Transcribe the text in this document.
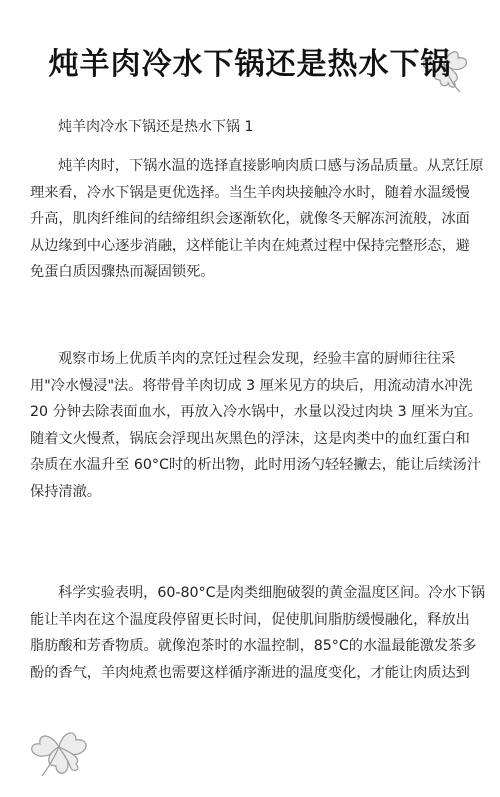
炖羊肉冷水下锅还是热水下锅
炖羊肉冷水下锅还是热水下锅 1
炖羊肉时，下锅水温的选择直接影响肉质口感与汤品质量。从烹饪原
理来看，冷水下锅是更优选择。当生羊肉块接触冷水时，随着水温缓慢
升高，肌肉纤维间的结缔组织会逐渐软化，就像冬天解冻河流般，冰面
从边缘到中心逐步消融，这样能让羊肉在炖煮过程中保持完整形态，避
免蛋白质因骤热而凝固锁死。
观察市场上优质羊肉的烹饪过程会发现，经验丰富的厨师往往采
用"冷水慢浸"法。将带骨羊肉切成 3 厘米见方的块后，用流动清水冲洗
20 分钟去除表面血水，再放入冷水锅中，水量以没过肉块 3 厘米为宜。
随着文火慢煮，锅底会浮现出灰黑色的浮沫，这是肉类中的血红蛋白和
杂质在水温升至 60°C时的析出物，此时用汤勺轻轻撇去，能让后续汤汁
保持清澈。
科学实验表明，60-80°C是肉类细胞破裂的黄金温度区间。冷水下锅
能让羊肉在这个温度段停留更长时间，促使肌间脂肪缓慢融化，释放出
脂肪酸和芳香物质。就像泡茶时的水温控制，85°C的水温最能激发茶多
酚的香气，羊肉炖煮也需要这样循序渐进的温度变化，才能让肉质达到
